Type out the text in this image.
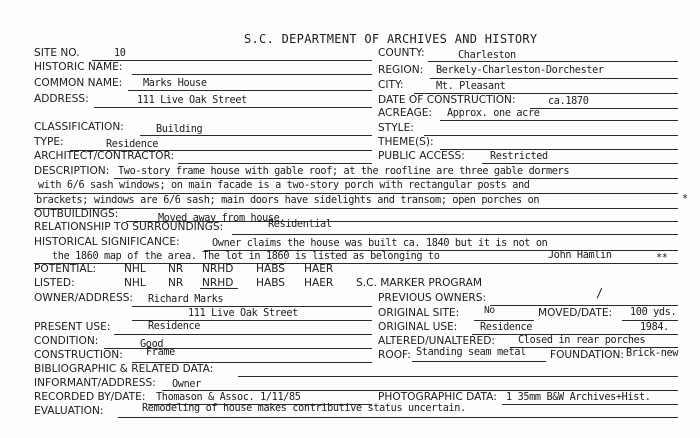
S.C. DEPARTMENT OF ARCHIVES AND HISTORY
SITE NO.	10	COUNTY:	Charleston
HISTORIC NAME:	REGION: Berkely-Charleston-Dorchester
COMMON NAME: Marks House	CITY:	Mt. Pleasant
ADDRESS:	111 Live Oak Street	DATE OF CONSTRUCTION:	ca.1870
ACREAGE: Approx. one acre
CLASSIFICATION:	Building	STYLE:
TYPE:	Residence	THEME(S):
ARCHITECT/CONTRACTOR:	PUBLIC ACCESS: Restricted
DESCRIPTION: Two-story frame house with gable roof; at the roofline are three gable dormers
with 6/6 sash windows; on main facade is a two-story porch with rectangular posts and
brackets; windows are 6/6 sash; main doors have sidelights and transom; open porches on	*
OUTBUILDINGS:	Moved away from house.
RELATIONSHIP TO SURROUNDINGS:	Residential
HISTORICAL SIGNIFICANCE:	Owner claims the house was built ca. 1840 but it is not on
the 1860 map of the area. The lot in 1860 is listed as belonging to	John Hamlin	**
POTENTIAL:	NHL NR NRHD HABS HAER
LISTED:	NHL NR NRHD HABS HAER S.C. MARKER PROGRAM
OWNER/ADDRESS: Richard Marks	PREVIOUS OWNERS:	/
111 Live Oak Street	ORIGINAL SITE:	No	MOVED/DATE: 100 yds.
PRESENT USE:	Residence	ORIGINAL USE: Residence	1984.
CONDITION:	Good	ALTERED/UNALTERED: Closed in rear porches
CONSTRUCTION: Frame	ROOF: Standing seam metal FOUNDATION: Brick-new
BIBLIOGRAPHIC & RELATED DATA:
INFORMANT/ADDRESS: Owner
RECORDED BY/DATE: Thomason & Assoc. 1/11/85	PHOTOGRAPHIC DATA: 1 35mm B&W Archives+Hist.
EVALUATION:	Remodeling of house makes contributive status uncertain.
